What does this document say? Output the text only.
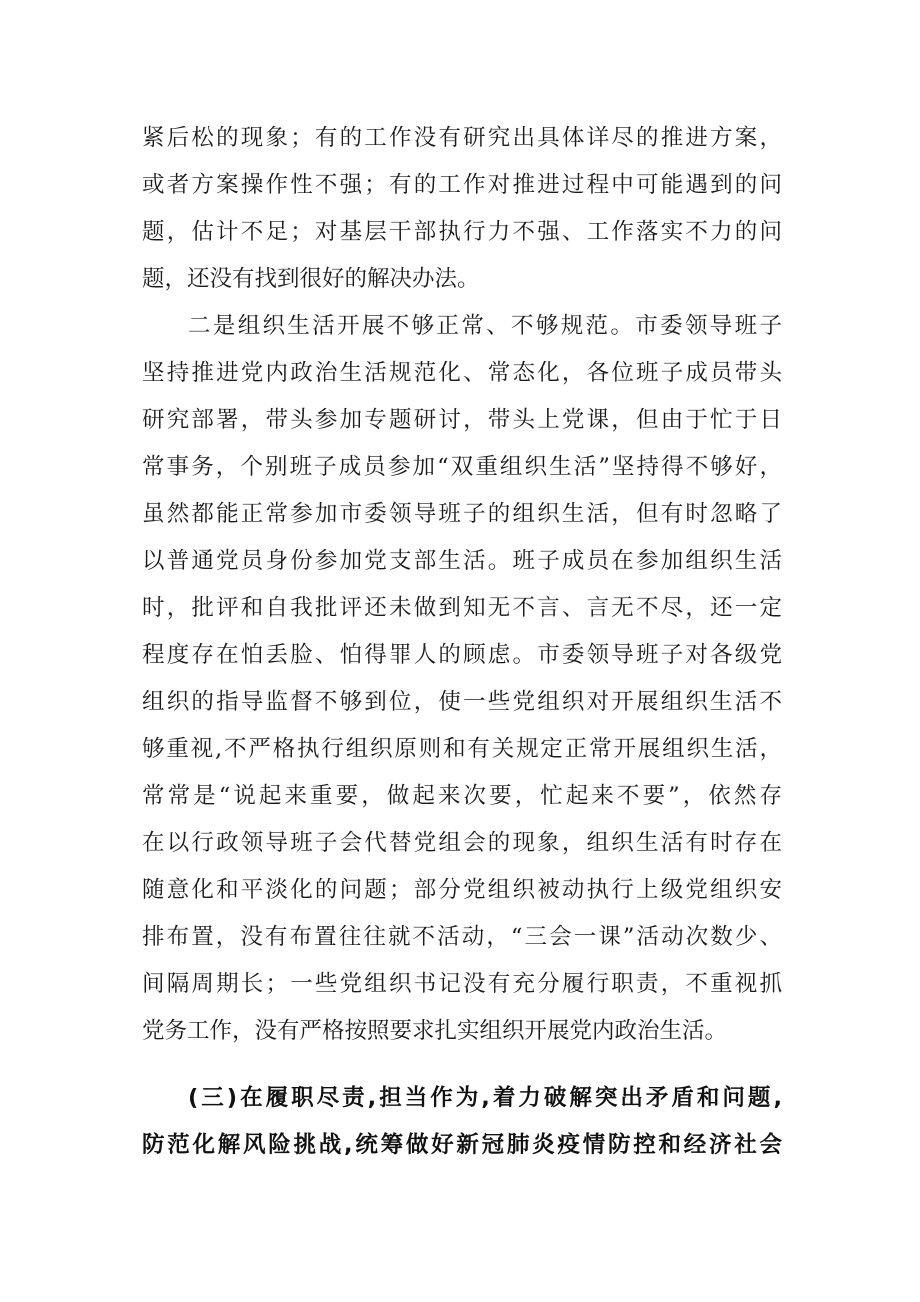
紧后松的现象；有的工作没有研究出具体详尽的推进方案，
或者方案操作性不强；有的工作对推进过程中可能遇到的问
题，估计不足；对基层干部执行力不强、工作落实不力的问
题，还没有找到很好的解决办法。
二是组织生活开展不够正常、不够规范。市委领导班子
坚持推进党内政治生活规范化、常态化，各位班子成员带头
研究部署，带头参加专题研讨，带头上党课，但由于忙于日
常事务，个别班子成员参加“双重组织生活”坚持得不够好，
虽然都能正常参加市委领导班子的组织生活，但有时忽略了
以普通党员身份参加党支部生活。班子成员在参加组织生活
时，批评和自我批评还未做到知无不言、言无不尽，还一定
程度存在怕丢脸、怕得罪人的顾虑。市委领导班子对各级党
组织的指导监督不够到位，使一些党组织对开展组织生活不
够重视,不严格执行组织原则和有关规定正常开展组织生活，
常常是“说起来重要，做起来次要，忙起来不要”，依然存
在以行政领导班子会代替党组会的现象，组织生活有时存在
随意化和平淡化的问题；部分党组织被动执行上级党组织安
排布置，没有布置往往就不活动，“三会一课”活动次数少、
间隔周期长；一些党组织书记没有充分履行职责，不重视抓
党务工作，没有严格按照要求扎实组织开展党内政治生活。
(三)在履职尽责,担当作为,着力破解突出矛盾和问题,
防范化解风险挑战,统筹做好新冠肺炎疫情防控和经济社会
